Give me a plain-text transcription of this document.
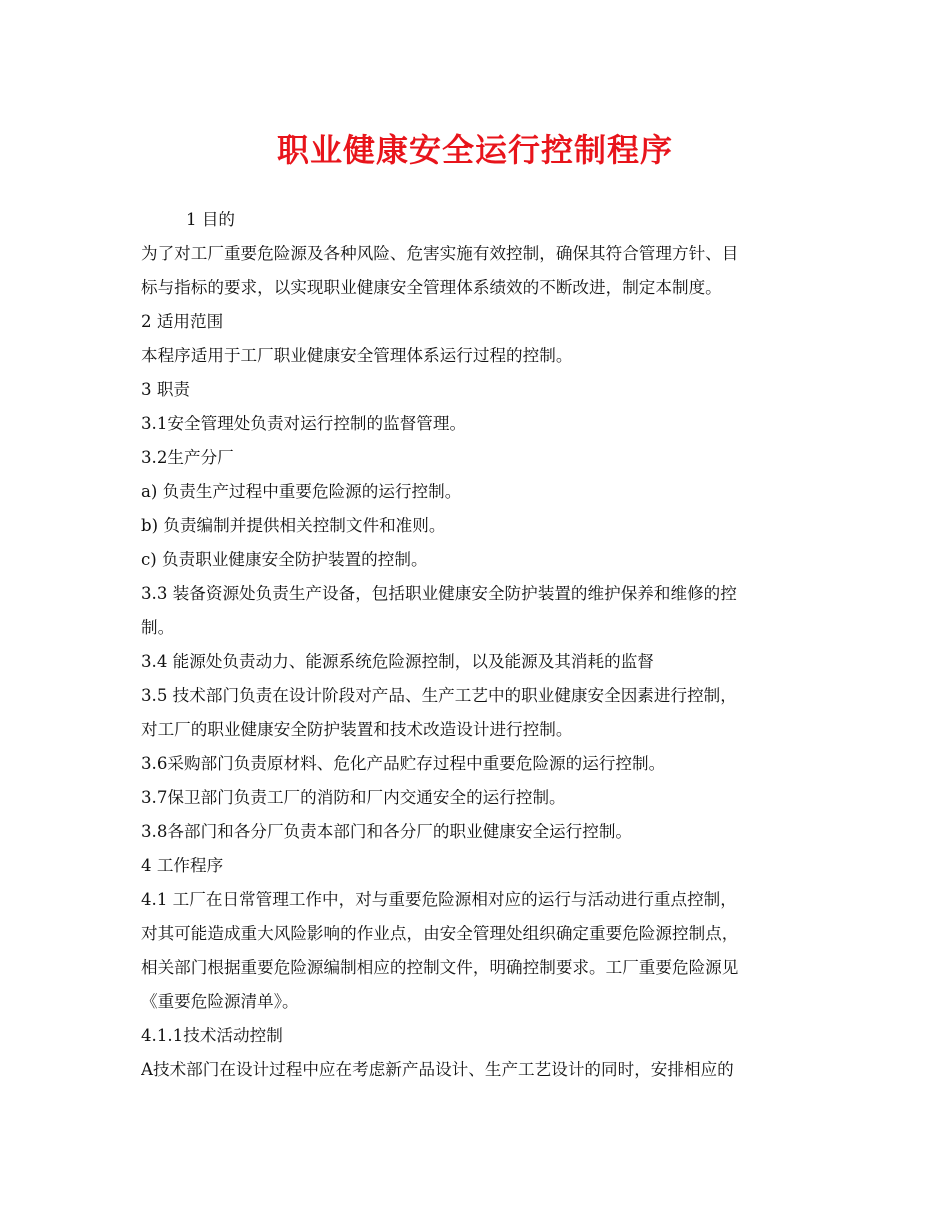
职业健康安全运行控制程序
1 目的
为了对工厂重要危险源及各种风险、危害实施有效控制，确保其符合管理方针、目
标与指标的要求，以实现职业健康安全管理体系绩效的不断改进，制定本制度。
2 适用范围
本程序适用于工厂职业健康安全管理体系运行过程的控制。
3 职责
3.1安全管理处负责对运行控制的监督管理。
3.2生产分厂
a) 负责生产过程中重要危险源的运行控制。
b) 负责编制并提供相关控制文件和准则。
c) 负责职业健康安全防护装置的控制。
3.3 装备资源处负责生产设备，包括职业健康安全防护装置的维护保养和维修的控
制。
3.4 能源处负责动力、能源系统危险源控制，以及能源及其消耗的监督
3.5 技术部门负责在设计阶段对产品、生产工艺中的职业健康安全因素进行控制，
对工厂的职业健康安全防护装置和技术改造设计进行控制。
3.6采购部门负责原材料、危化产品贮存过程中重要危险源的运行控制。
3.7保卫部门负责工厂的消防和厂内交通安全的运行控制。
3.8各部门和各分厂负责本部门和各分厂的职业健康安全运行控制。
4 工作程序
4.1 工厂在日常管理工作中，对与重要危险源相对应的运行与活动进行重点控制，
对其可能造成重大风险影响的作业点，由安全管理处组织确定重要危险源控制点，
相关部门根据重要危险源编制相应的控制文件，明确控制要求。工厂重要危险源见
《重要危险源清单》。
4.1.1技术活动控制
A技术部门在设计过程中应在考虑新产品设计、生产工艺设计的同时，安排相应的
